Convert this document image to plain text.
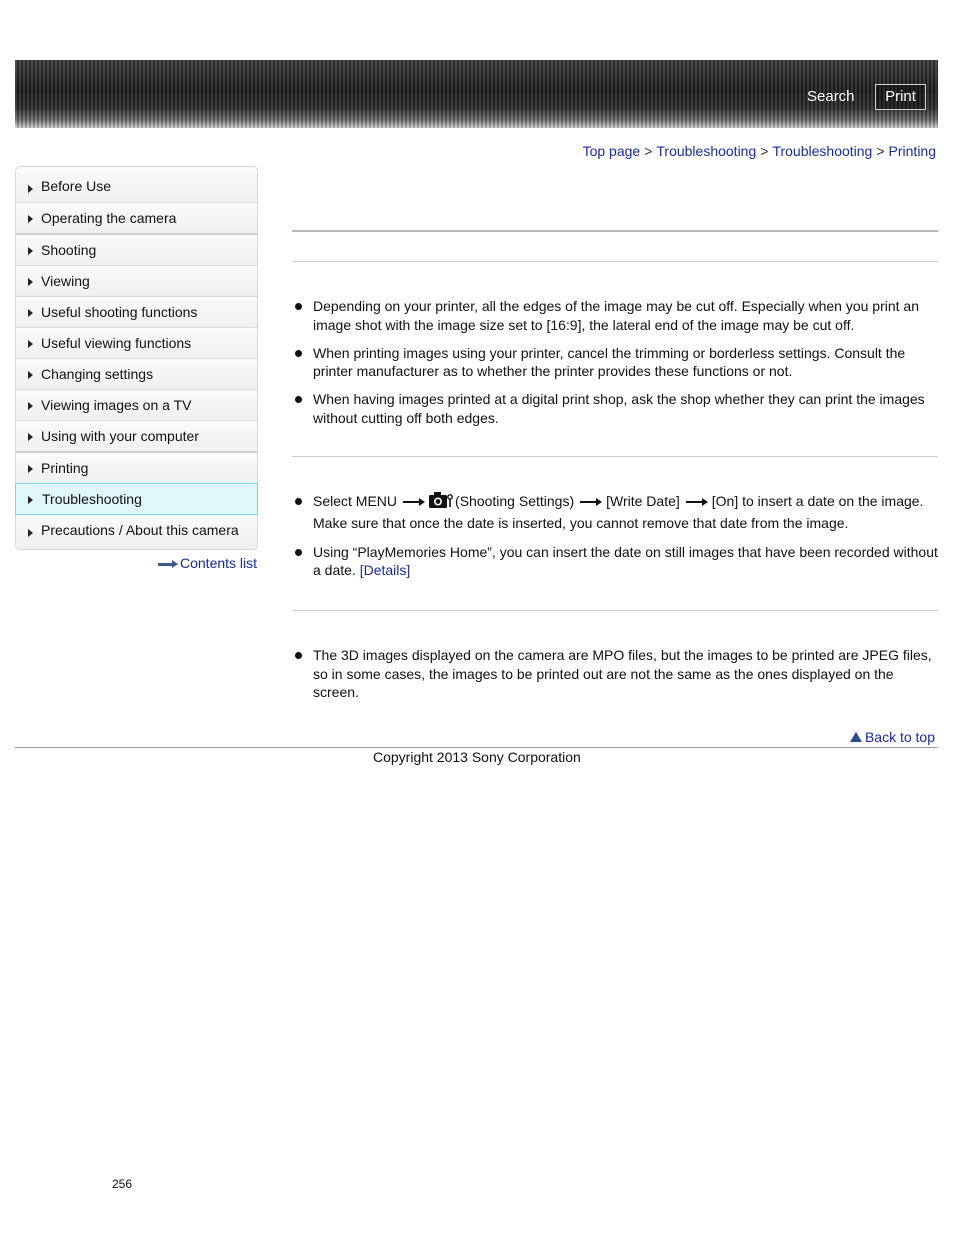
Search	Print
Top page > Troubleshooting > Troubleshooting > Printing
Before Use
Operating the camera
Shooting
Viewing
Useful shooting functions
Useful viewing functions
Changing settings
Viewing images on a TV
Using with your computer
Printing
Troubleshooting
Precautions / About this camera
Contents list
Depending on your printer, all the edges of the image may be cut off. Especially when you print an image shot with the image size set to [16:9], the lateral end of the image may be cut off.
When printing images using your printer, cancel the trimming or borderless settings. Consult the printer manufacturer as to whether the printer provides these functions or not.
When having images printed at a digital print shop, ask the shop whether they can print the images without cutting off both edges.
Select MENU	(Shooting Settings) [Write Date] [On] to insert a date on the image.
Make sure that once the date is inserted, you cannot remove that date from the image.
Using “PlayMemories Home”, you can insert the date on still images that have been recorded without a date. [Details]
The 3D images displayed on the camera are MPO files, but the images to be printed are JPEG files, so in some cases, the images to be printed out are not the same as the ones displayed on the screen.
Back to top
Copyright 2013 Sony Corporation
256
